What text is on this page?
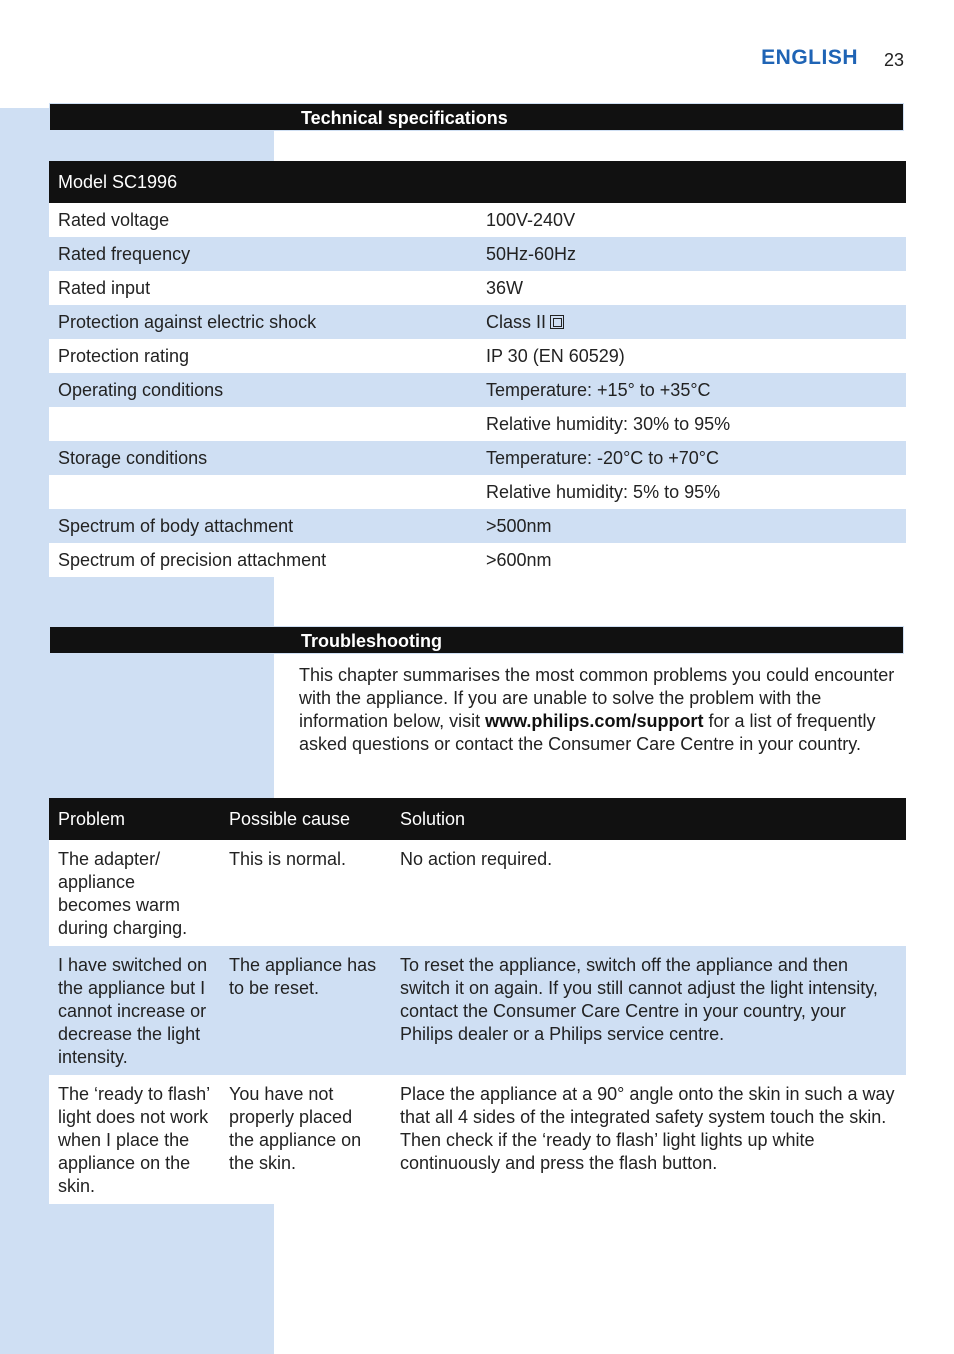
ENGLISH 23
Technical specifications
Model SC1996	
Rated voltage	100V-240V
Rated frequency	50Hz-60Hz
Rated input	36W
Protection against electric shock	Class II
Protection rating	IP 30 (EN 60529)
Operating conditions	Temperature: +15° to +35°C
	Relative humidity: 30% to 95%
Storage conditions	Temperature: -20°C to +70°C
	Relative humidity: 5% to 95%
Spectrum of body attachment	>500nm
Spectrum of precision attachment	>600nm
Troubleshooting
This chapter summarises the most common problems you could encounter with the appliance. If you are unable to solve the problem with the information below, visit www.philips.com/support for a list of frequently asked questions or contact the Consumer Care Centre in your country.
Problem	Possible cause	Solution
The adapter/ appliance becomes warm during charging.	This is normal.	No action required.
I have switched on the appliance but I cannot increase or decrease the light intensity.	The appliance has to be reset.	To reset the appliance, switch off the appliance and then switch it on again. If you still cannot adjust the light intensity, contact the Consumer Care Centre in your country, your Philips dealer or a Philips service centre.
The ‘ready to flash’ light does not work when I place the appliance on the skin.	You have not properly placed the appliance on the skin.	Place the appliance at a 90° angle onto the skin in such a way that all 4 sides of the integrated safety system touch the skin. Then check if the ‘ready to flash’ light lights up white continuously and press the flash button.
